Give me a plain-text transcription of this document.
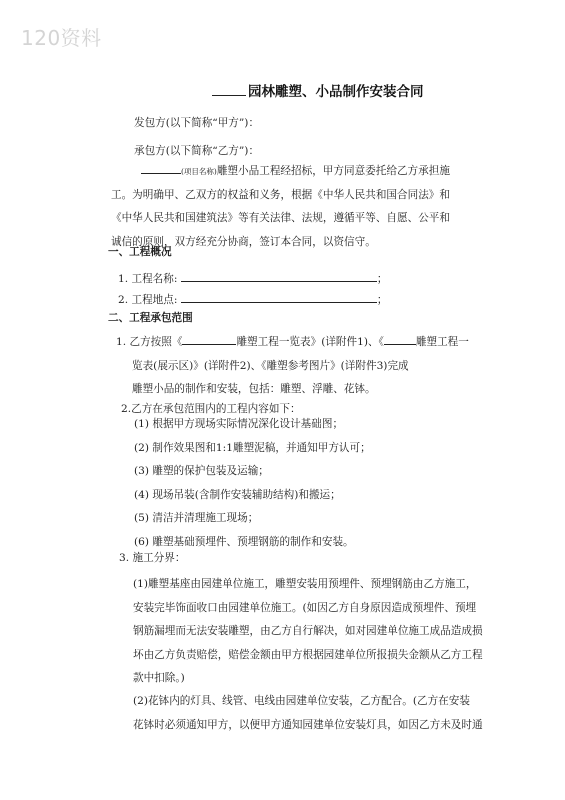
120资料
园林雕塑、小品制作安装合同
发包方(以下简称“甲方”)：
承包方(以下简称“乙方”)：
(项目名称)雕塑小品工程经招标，甲方同意委托给乙方承担施
工。为明确甲、乙双方的权益和义务，根据《中华人民共和国合同法》和
《中华人民共和国建筑法》等有关法律、法规，遵循平等、自愿、公平和
诚信的原则，双方经充分协商，签订本合同，以资信守。
一、工程概况
1. 工程名称:	；
2. 工程地点:	；
二、工程承包范围
1. 乙方按照《	雕塑工程一览表》(详附件1)、《	雕塑工程一
览表(展示区)》(详附件2)、《雕塑参考图片》(详附件3)完成
雕塑小品的制作和安装，包括：雕塑、浮雕、花钵。
2.乙方在承包范围内的工程内容如下：
(1) 根据甲方现场实际情况深化设计基础图；
(2) 制作效果图和1:1雕塑泥稿，并通知甲方认可；
(3) 雕塑的保护包装及运输；
(4) 现场吊装(含制作安装辅助结构)和搬运；
(5) 清洁并清理施工现场；
(6) 雕塑基础预埋件、预埋钢筋的制作和安装。
3. 施工分界：
(1)雕塑基座由园建单位施工，雕塑安装用预埋件、预埋钢筋由乙方施工，
安装完毕饰面收口由园建单位施工。(如因乙方自身原因造成预埋件、预埋
钢筋漏埋而无法安装雕塑，由乙方自行解决，如对园建单位施工成品造成损
坏由乙方负责赔偿，赔偿金额由甲方根据园建单位所报损失金额从乙方工程
款中扣除。)
(2)花钵内的灯具、线管、电线由园建单位安装，乙方配合。(乙方在安装
花钵时必须通知甲方，以便甲方通知园建单位安装灯具，如因乙方未及时通
